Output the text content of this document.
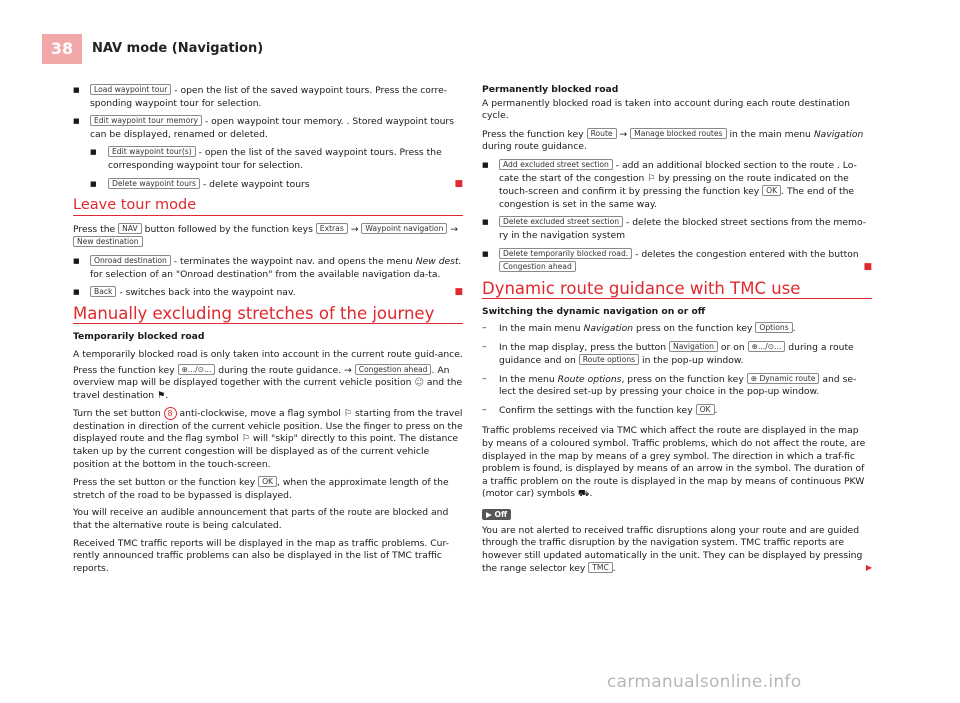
38	NAV mode (Navigation)
■ Load waypoint tour - open the list of the saved waypoint tours. Press the corre-sponding waypoint tour for selection.
■ Edit waypoint tour memory - open waypoint tour memory. . Stored waypoint tours can be displayed, renamed or deleted.
■ Edit waypoint tour(s) - open the list of the saved waypoint tours. Press the corresponding waypoint tour for selection.
■ Delete waypoint tours - delete waypoint tours	■
Leave tour mode

Press the NAV button followed by the function keys Extras → Waypoint navigation → New destination

■ Onroad destination - terminates the waypoint nav. and opens the menu New dest. for selection of an "Onroad destination" from the available navigation da-ta.
■ Back - switches back into the waypoint nav.	■
Manually excluding stretches of the journey

Temporarily blocked road

A temporarily blocked road is only taken into account in the current route guid-ance.

Press the function key ⊕.../⊙... during the route guidance. → Congestion ahead . An overview map will be displayed together with the current vehicle position ☺ and the travel destination ⚑.

Turn the set button 8 anti-clockwise, move a flag symbol ⚐ starting from the travel destination in direction of the current vehicle position. Use the finger to press on the displayed route and the flag symbol ⚐ will "skip" directly to this point. The distance taken up by the current congestion will be displayed as of the current vehicle position at the bottom in the touch-screen.

Press the set button or the function key OK , when the approximate length of the stretch of the road to be bypassed is displayed.

You will receive an audible announcement that parts of the route are blocked and that the alternative route is being calculated.

Received TMC traffic reports will be displayed in the map as traffic problems. Cur-rently announced traffic problems can also be displayed in the list of TMC traffic reports.

Permanently blocked road

A permanently blocked road is taken into account during each route destination cycle.

Press the function key Route → Manage blocked routes in the main menu Navigation during route guidance.

■ Add excluded street section - add an additional blocked section to the route . Lo-cate the start of the congestion ⚐ by pressing on the route indicated on the touch-screen and confirm it by pressing the function key OK . The end of the congestion is set in the same way.
■ Delete excluded street section - delete the blocked street sections from the memo-ry in the navigation system
■ Delete temporarily blocked road. - deletes the congestion entered with the button Congestion ahead	■
Dynamic route guidance with TMC use

Switching the dynamic navigation on or off

– In the main menu Navigation press on the function key Options .
– In the map display, press the button Navigation or on ⊕.../⊙... during a route guidance and on Route options in the pop-up window.
– In the menu Route options, press on the function key ⊕ Dynamic route and se-lect the desired set-up by pressing your choice in the pop-up window.
– Confirm the settings with the function key OK .

Traffic problems received via TMC which affect the route are displayed in the map by means of a coloured symbol. Traffic problems, which do not affect the route, are displayed in the map by means of a grey symbol. The direction in which a traf-fic problem is found, is displayed by means of an arrow in the symbol. The duration of a traffic problem on the route is displayed in the map by means of continuous PKW (motor car) symbols ⛟.

▶ Off

You are not alerted to received traffic disruptions along your route and are guided through the traffic disruption by the navigation system. TMC traffic reports are however still updated automatically in the unit. They can be displayed by pressing the range selector key TMC .	▶

carmanualsonline.info
